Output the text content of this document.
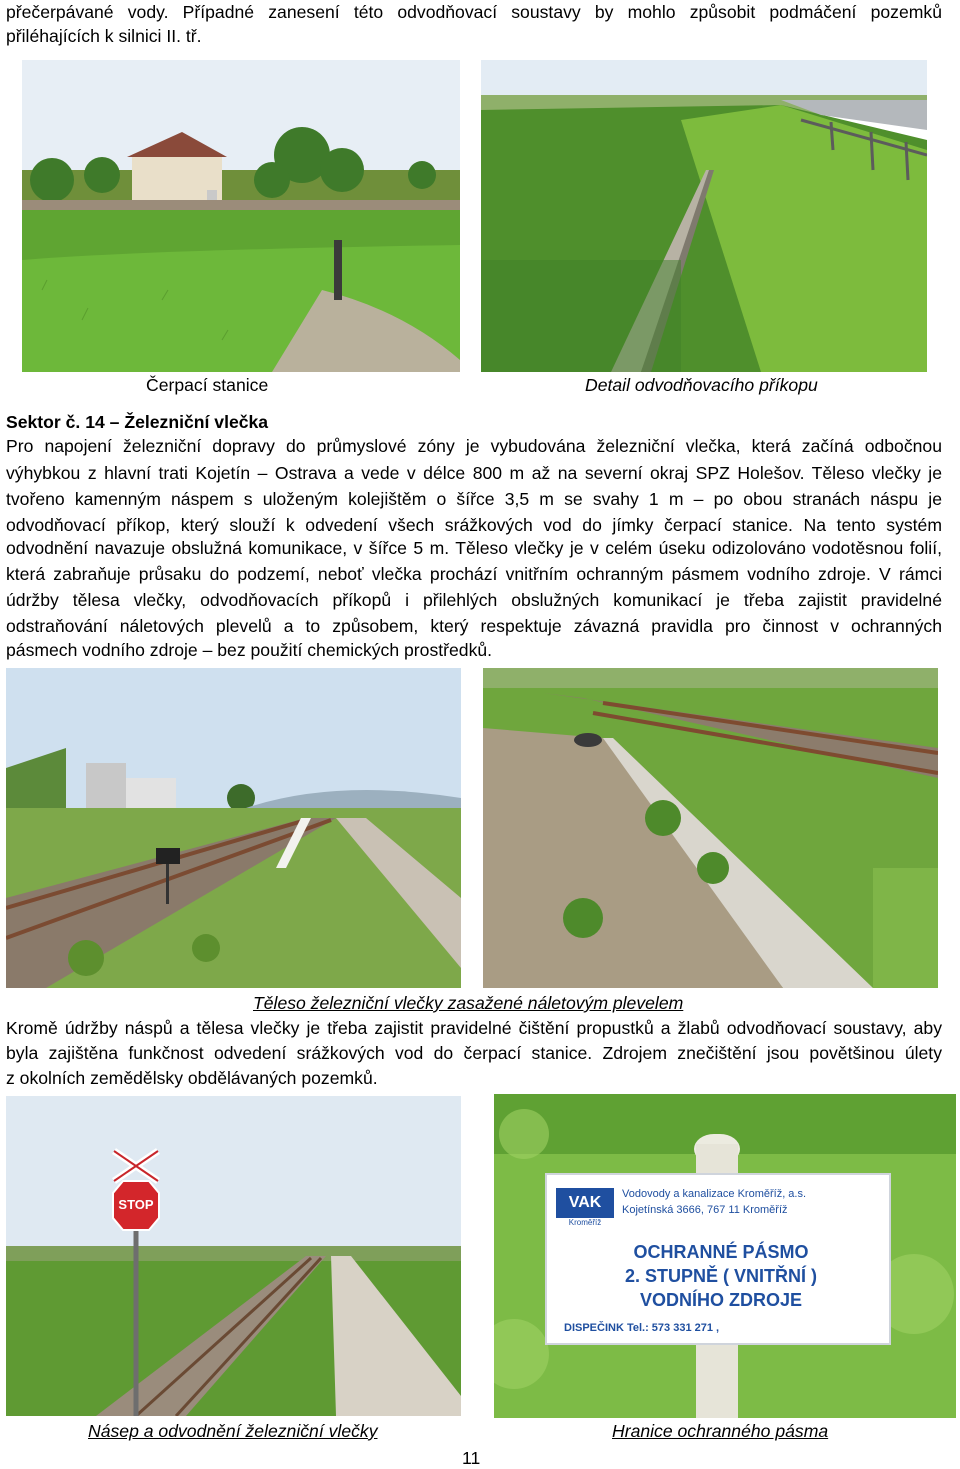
přečerpávané vody. Případné zanesení této odvodňovací soustavy by mohlo způsobit podmáčení pozemků
přiléhajících k silnici II. tř.
Čerpací stanice	Detail odvodňovacího příkopu
Sektor č. 14 – Železniční vlečka
Pro napojení železniční dopravy do průmyslové zóny je vybudována železniční vlečka, která začíná odbočnou
výhybkou z hlavní trati Kojetín – Ostrava a vede v délce 800 m až na severní okraj SPZ Holešov. Těleso vlečky je
tvořeno kamenným náspem s uloženým kolejištěm o šířce 3,5 m se svahy 1 m – po obou stranách náspu je
odvodňovací příkop, který slouží k odvedení všech srážkových vod do jímky čerpací stanice. Na tento systém
odvodnění navazuje obslužná komunikace, v šířce 5 m. Těleso vlečky je v celém úseku odizolováno vodotěsnou folií,
která zabraňuje průsaku do podzemí, neboť vlečka prochází vnitřním ochranným pásmem vodního zdroje. V rámci
údržby tělesa vlečky, odvodňovacích příkopů i přilehlých obslužných komunikací je třeba zajistit pravidelné
odstraňování náletových plevelů a to způsobem, který respektuje závazná pravidla pro činnost v ochranných
pásmech vodního zdroje – bez použití chemických prostředků.
Těleso železniční vlečky zasažené náletovým plevelem
Kromě údržby náspů a tělesa vlečky je třeba zajistit pravidelné čištění propustků a žlabů odvodňovací soustavy, aby
byla zajištěna funkčnost odvedení srážkových vod do čerpací stanice. Zdrojem znečištění jsou povětšinou úlety
z okolních zemědělsky obdělávaných pozemků.
STOP	VAK
Kroměříž
Vodovody a kanalizace Kroměříž, a.s.
Kojetínská 3666, 767 11 Kroměříž
OCHRANNÉ PÁSMO
2. STUPNĚ ( VNITŘNÍ )
VODNÍHO ZDROJE
DISPEČINK Tel.: 573 331 271 ,
Násep a odvodnění železniční vlečky	Hranice ochranného pásma
11
